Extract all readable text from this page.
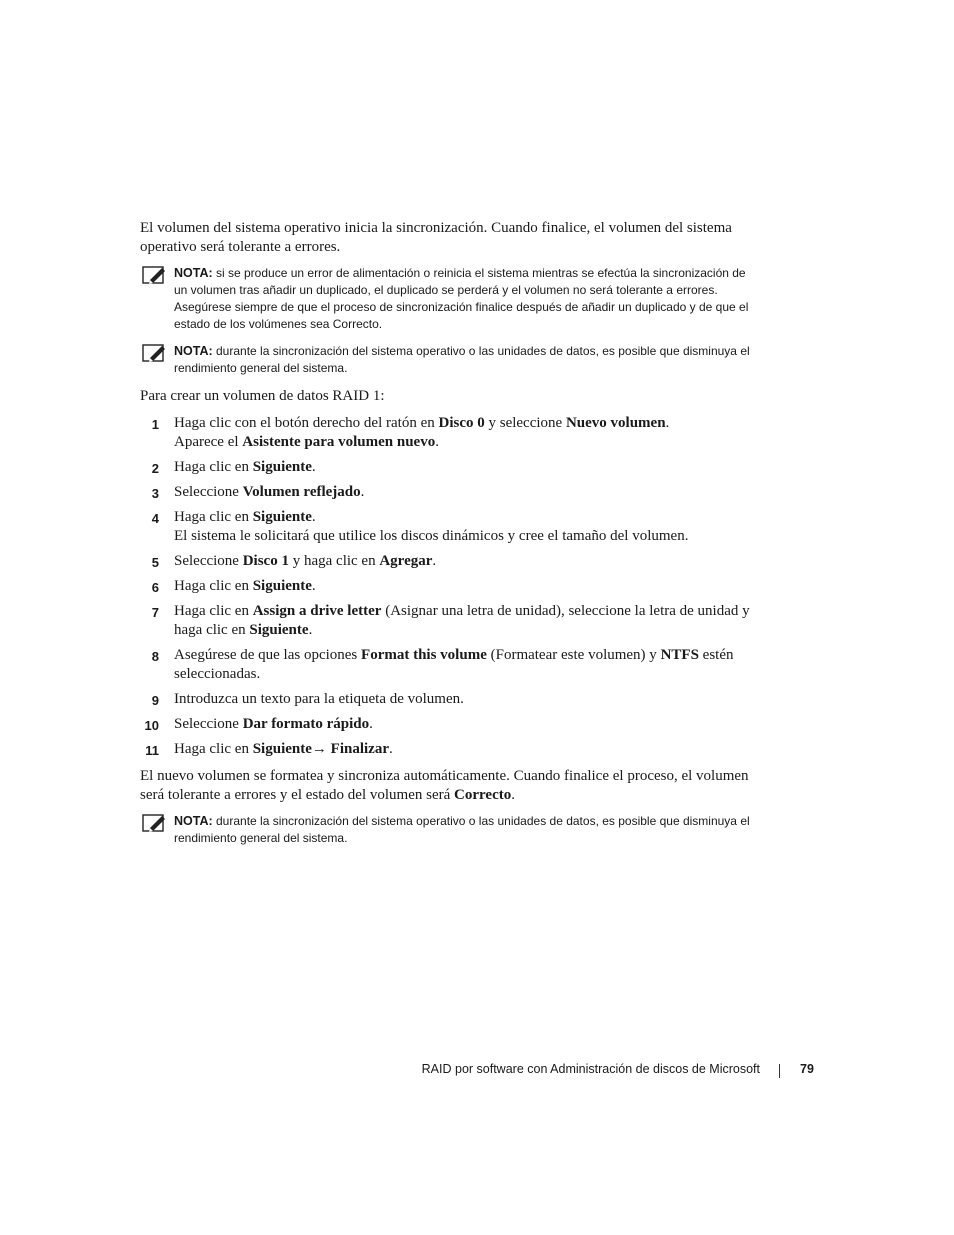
El volumen del sistema operativo inicia la sincronización. Cuando finalice, el volumen del sistema operativo será tolerante a errores.

NOTA: si se produce un error de alimentación o reinicia el sistema mientras se efectúa la sincronización de un volumen tras añadir un duplicado, el duplicado se perderá y el volumen no será tolerante a errores. Asegúrese siempre de que el proceso de sincronización finalice después de añadir un duplicado y de que el estado de los volúmenes sea Correcto.
NOTA: durante la sincronización del sistema operativo o las unidades de datos, es posible que disminuya el rendimiento general del sistema.

Para crear un volumen de datos RAID 1:

1 Haga clic con el botón derecho del ratón en Disco 0 y seleccione Nuevo volumen.
Aparece el Asistente para volumen nuevo.
2 Haga clic en Siguiente.
3 Seleccione Volumen reflejado.
4 Haga clic en Siguiente.
El sistema le solicitará que utilice los discos dinámicos y cree el tamaño del volumen.
5 Seleccione Disco 1 y haga clic en Agregar.
6 Haga clic en Siguiente.
7 Haga clic en Assign a drive letter (Asignar una letra de unidad), seleccione la letra de unidad y haga clic en Siguiente.
8 Asegúrese de que las opciones Format this volume (Formatear este volumen) y NTFS estén seleccionadas.
9 Introduzca un texto para la etiqueta de volumen.
10 Seleccione Dar formato rápido.
11 Haga clic en Siguiente→ Finalizar.

El nuevo volumen se formatea y sincroniza automáticamente. Cuando finalice el proceso, el volumen será tolerante a errores y el estado del volumen será Correcto.

NOTA: durante la sincronización del sistema operativo o las unidades de datos, es posible que disminuya el rendimiento general del sistema.
RAID por software con Administración de discos de Microsoft	79
